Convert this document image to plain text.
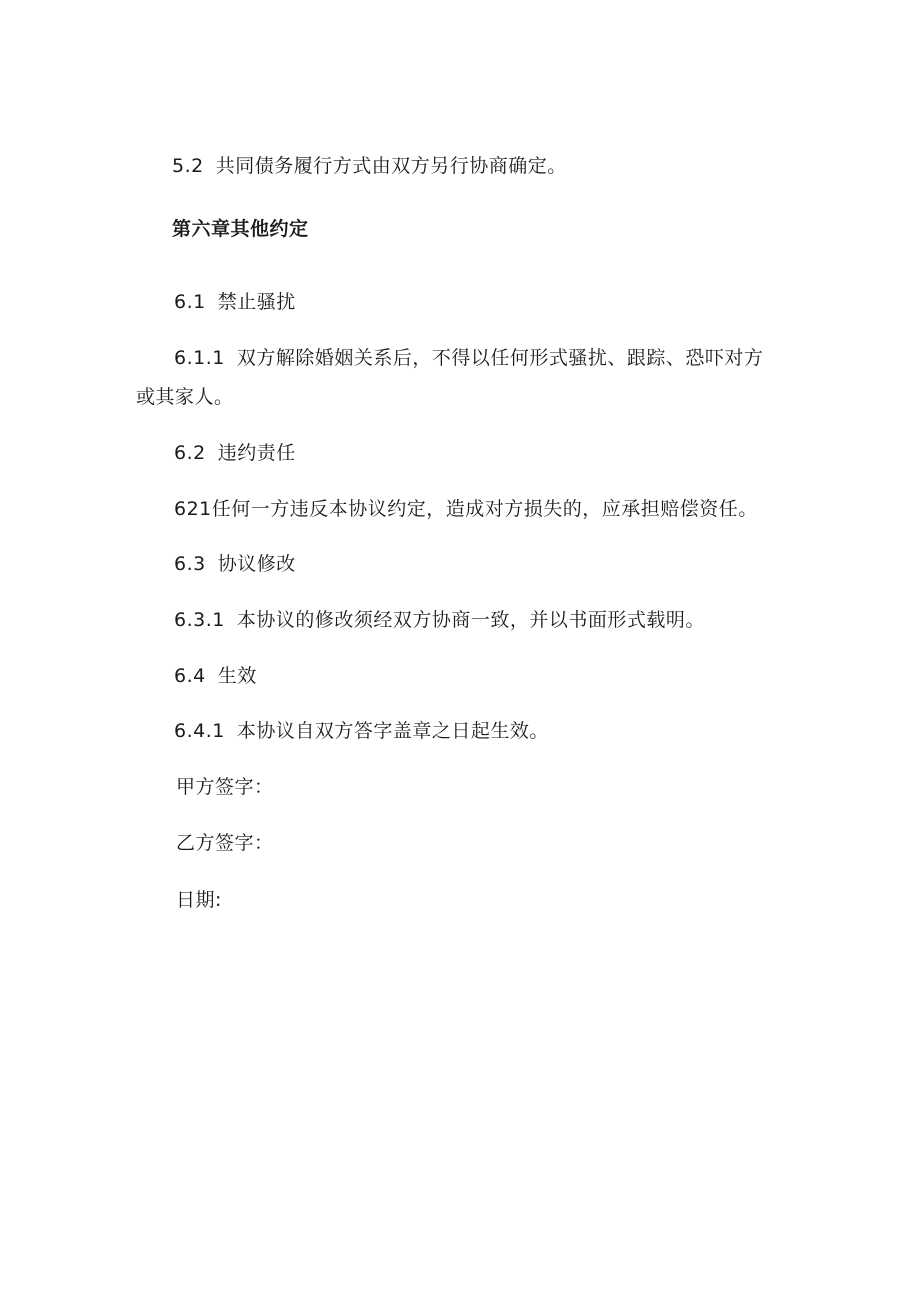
5.2 共同债务履行方式由双方另行协商确定。
第六章其他约定
6.1 禁止骚扰
6.1.1 双方解除婚姻关系后，不得以任何形式骚扰、跟踪、恐吓对方
或其家人。
6.2 违约责任
621任何一方违反本协议约定，造成对方损失的，应承担赔偿资任。
6.3 协议修改
6.3.1 本协议的修改须经双方协商一致，并以书面形式载明。
6.4 生效
6.4.1 本协议自双方答字盖章之日起生效。
甲方签字：
乙方签字：
日期:
